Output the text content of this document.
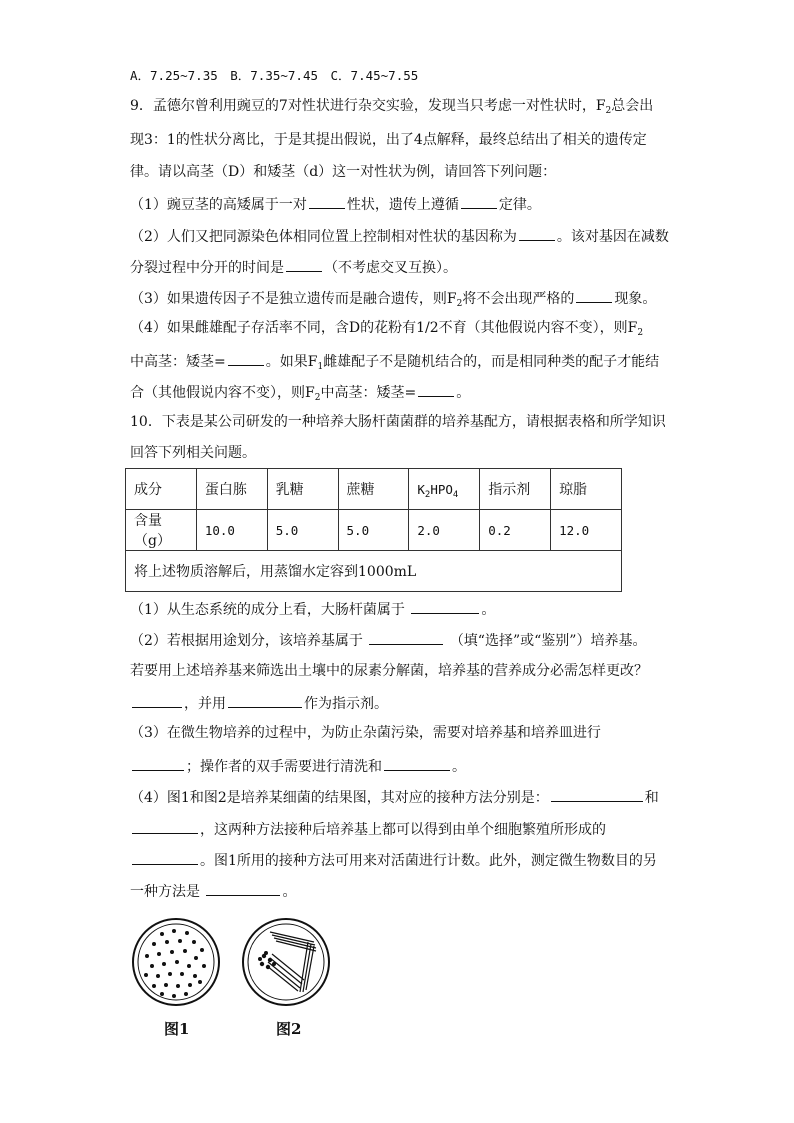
A．7.25~7.35　B．7.35~7.45　C．7.45~7.55
9．孟德尔曾利用豌豆的7对性状进行杂交实验，发现当只考虑一对性状时，$F_2$总会出
现3：1的性状分离比，于是其提出假说，出了4点解释，最终总结出了相关的遗传定
律。请以高茎（D）和矮茎（d）这一对性状为例，请回答下列问题：
（1）豌豆茎的高矮属于一对	性状，遗传上遵循	定律。
（2）人们又把同源染色体相同位置上控制相对性状的基因称为	。该对基因在减数
分裂过程中分开的时间是	（不考虑交叉互换）。
（3）如果遗传因子不是独立遗传而是融合遗传，则$F_2$将不会出现严格的	现象。
（4）如果雌雄配子存活率不同，含D的花粉有1/2不育（其他假说内容不变），则$F_2$
中高茎：矮茎=	。如果$F_1$雌雄配子不是随机结合的，而是相同种类的配子才能结
合（其他假说内容不变），则$F_2$中高茎：矮茎=	。
10．下表是某公司研发的一种培养大肠杆菌菌群的培养基配方，请根据表格和所学知识
回答下列相关问题。
成分	蛋白胨	乳糖	蔗糖	$K_2HPO_4$	指示剂	琼脂
含量（g）	10.0	5.0	5.0	2.0	0.2	12.0
将上述物质溶解后，用蒸馏水定容到1000mL						
（1）从生态系统的成分上看，大肠杆菌属于	。
（2）若根据用途划分，该培养基属于	（填“选择”或“鉴别”）培养基。
若要用上述培养基来筛选出土壤中的尿素分解菌，培养基的营养成分必需怎样更改？
，并用	作为指示剂。
（3）在微生物培养的过程中，为防止杂菌污染，需要对培养基和培养皿进行
；操作者的双手需要进行清洗和	。
（4）图1和图2是培养某细菌的结果图，其对应的接种方法分别是：	和
，这两种方法接种后培养基上都可以得到由单个细胞繁殖所形成的
。图1所用的接种方法可用来对活菌进行计数。此外，测定微生物数目的另
一种方法是	。
图1	图2
